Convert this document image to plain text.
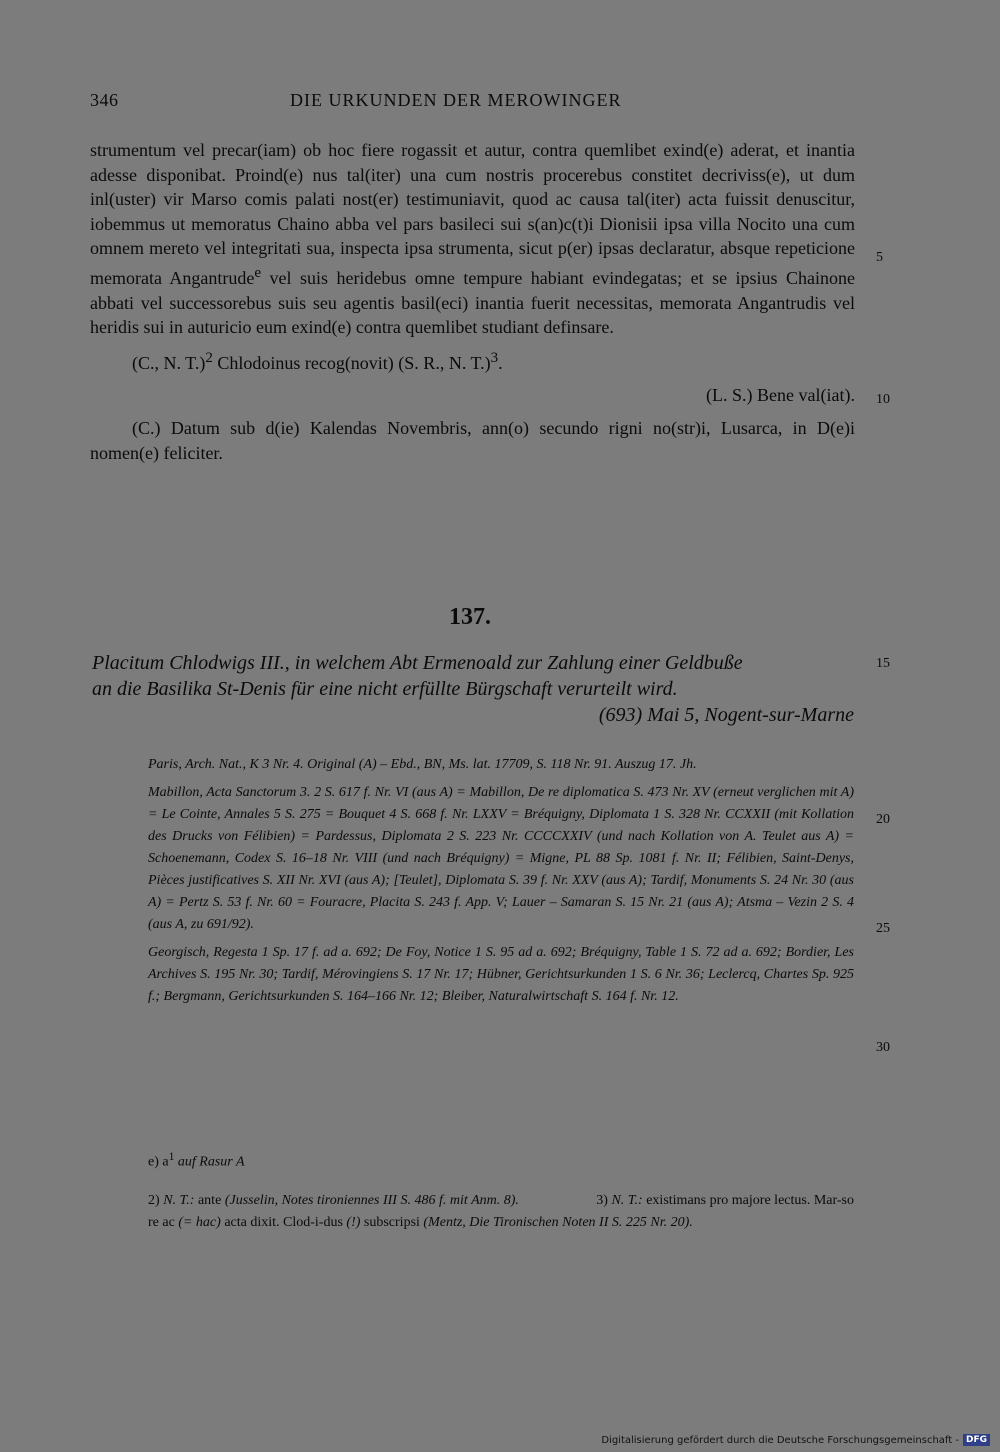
346	DIE URKUNDEN DER MEROWINGER

strumentum vel precar(iam) ob hoc fiere rogassit et autur, contra quemlibet exind(e) aderat, et inantia adesse disponibat. Proind(e) nus tal(iter) una cum nostris procerebus constitet decriviss(e), ut dum inl(uster) vir Marso comis palati nost(er) testimuniavit, quod ac causa tal(iter) acta fuissit denuscitur, iobemmus ut memoratus Chaino abba vel pars basileci sui s(an)c(t)i Dionisii ipsa villa Nocito una cum omnem mereto vel integritati sua, inspecta ipsa strumenta, sicut p(er) ipsas declaratur, absque repeticione memorata Angantrude$^e$ vel suis heridebus omne tempure habiant evindegatas; et se ipsius Chainone abbati vel successorebus suis seu agentis basil(eci) inantia fuerit necessitas, memorata Angantrudis vel heridis sui in auturicio eum exind(e) contra quemlibet studiant definsare.

(C., N. T.)$^2$ Chlodoinus recog(novit) (S. R., N. T.)$^3$.

(L. S.) Bene val(iat).

(C.) Datum sub d(ie) Kalendas Novembris, ann(o) secundo rigni no(str)i, Lusarca, in D(e)i nomen(e) feliciter.

5
10
15
20
25
30
137.
Placitum Chlodwigs III., in welchem Abt Ermenoald zur Zahlung einer Geldbuße
an die Basilika St-Denis für eine nicht erfüllte Bürgschaft verurteilt wird.
(693) Mai 5, Nogent-sur-Marne

Paris, Arch. Nat., K 3 Nr. 4. Original (A) – Ebd., BN, Ms. lat. 17709, S. 118 Nr. 91. Auszug 17. Jh.

Mabillon, Acta Sanctorum 3. 2 S. 617 f. Nr. VI (aus A) = Mabillon, De re diplomatica S. 473 Nr. XV (erneut verglichen mit A) = Le Cointe, Annales 5 S. 275 = Bouquet 4 S. 668 f. Nr. LXXV = Bréquigny, Diplomata 1 S. 328 Nr. CCXXII (mit Kollation des Drucks von Félibien) = Pardessus, Diplomata 2 S. 223 Nr. CCCCXXIV (und nach Kollation von A. Teulet aus A) = Schoenemann, Codex S. 16–18 Nr. VIII (und nach Bréquigny) = Migne, PL 88 Sp. 1081 f. Nr. II; Félibien, Saint-Denys, Pièces justificatives S. XII Nr. XVI (aus A); [Teulet], Diplomata S. 39 f. Nr. XXV (aus A); Tardif, Monuments S. 24 Nr. 30 (aus A) = Pertz S. 53 f. Nr. 60 = Fouracre, Placita S. 243 f. App. V; Lauer – Samaran S. 15 Nr. 21 (aus A); Atsma – Vezin 2 S. 4 (aus A, zu 691/92).

Georgisch, Regesta 1 Sp. 17 f. ad a. 692; De Foy, Notice 1 S. 95 ad a. 692; Bréquigny, Table 1 S. 72 ad a. 692; Bordier, Les Archives S. 195 Nr. 30; Tardif, Mérovingiens S. 17 Nr. 17; Hübner, Gerichtsurkunden 1 S. 6 Nr. 36; Leclercq, Chartes Sp. 925 f.; Bergmann, Gerichtsurkunden S. 164–166 Nr. 12; Bleiber, Naturalwirtschaft S. 164 f. Nr. 12.

e) $a^1$ auf Rasur A
2) N. T.: ante (Jusselin, Notes tironiennes III S. 486 f. mit Anm. 8).	3) N. T.: existimans pro majore lectus. Mar-so re ac (= hac) acta dixit. Clod-i-dus (!) subscripsi (Mentz, Die Tironischen Noten II S. 225 Nr. 20).
Digitalisierung gefördert durch die Deutsche Forschungsgemeinschaft - DFG
